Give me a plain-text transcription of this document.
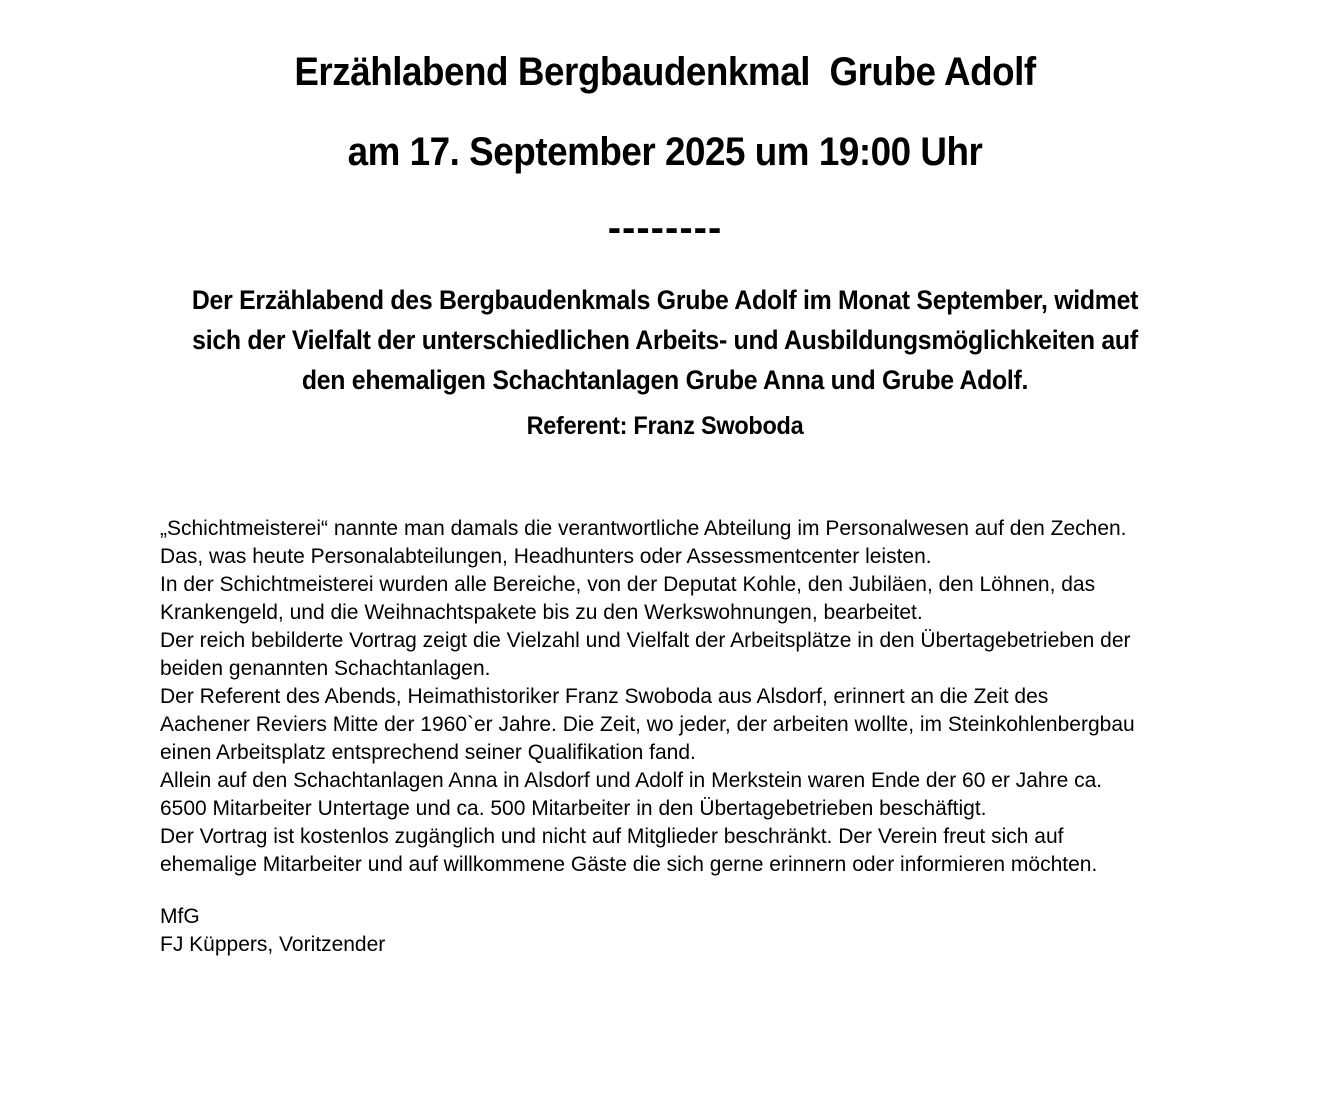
Erzählabend Bergbaudenkmal  Grube Adolf
am 17. September 2025 um 19:00 Uhr
--------
Der Erzählabend des Bergbaudenkmals Grube Adolf im Monat September, widmet
sich der Vielfalt der unterschiedlichen Arbeits- und Ausbildungsmöglichkeiten auf
den ehemaligen Schachtanlagen Grube Anna und Grube Adolf.
Referent: Franz Swoboda
„Schichtmeisterei“ nannte man damals die verantwortliche Abteilung im Personalwesen auf den Zechen.
Das, was heute Personalabteilungen, Headhunters oder Assessmentcenter leisten.
In der Schichtmeisterei wurden alle Bereiche, von der Deputat Kohle, den Jubiläen, den Löhnen, das
Krankengeld, und die Weihnachtspakete bis zu den Werkswohnungen, bearbeitet.
Der reich bebilderte Vortrag zeigt die Vielzahl und Vielfalt der Arbeitsplätze in den Übertagebetrieben der
beiden genannten Schachtanlagen.
Der Referent des Abends, Heimathistoriker Franz Swoboda aus Alsdorf, erinnert an die Zeit des
Aachener Reviers Mitte der 1960`er Jahre. Die Zeit, wo jeder, der arbeiten wollte, im Steinkohlenbergbau
einen Arbeitsplatz entsprechend seiner Qualifikation fand.
Allein auf den Schachtanlagen Anna in Alsdorf und Adolf in Merkstein waren Ende der 60 er Jahre ca.
6500 Mitarbeiter Untertage und ca. 500 Mitarbeiter in den Übertagebetrieben beschäftigt.
Der Vortrag ist kostenlos zugänglich und nicht auf Mitglieder beschränkt. Der Verein freut sich auf
ehemalige Mitarbeiter und auf willkommene Gäste die sich gerne erinnern oder informieren möchten.
MfG
FJ Küppers, Voritzender
